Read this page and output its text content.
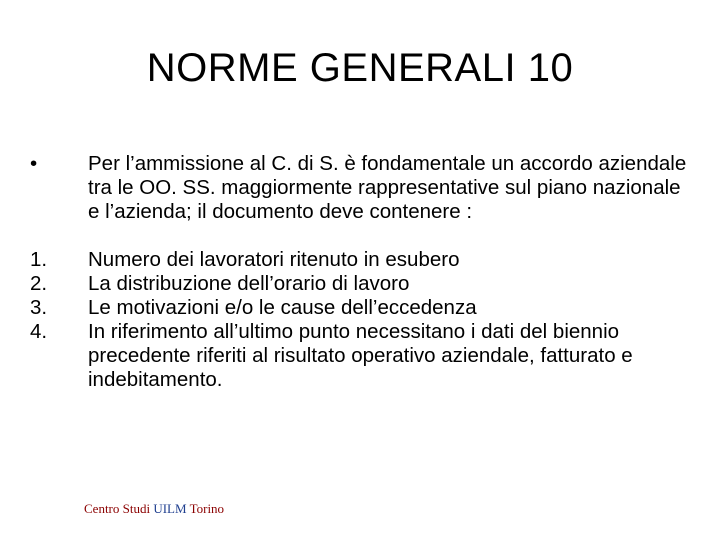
NORME GENERALI 10
•	Per l’ammissione al C. di S. è fondamentale un accordo aziendale tra le OO. SS. maggiormente rappresentative sul piano nazionale e l’azienda; il documento deve contenere :
1.	Numero dei lavoratori ritenuto in esubero
2.	La distribuzione dell’orario di lavoro
3.	Le motivazioni e/o le cause dell’eccedenza
4.	In riferimento all’ultimo punto necessitano i dati del biennio precedente riferiti al risultato operativo aziendale, fatturato e indebitamento.
Centro Studi UILM Torino
